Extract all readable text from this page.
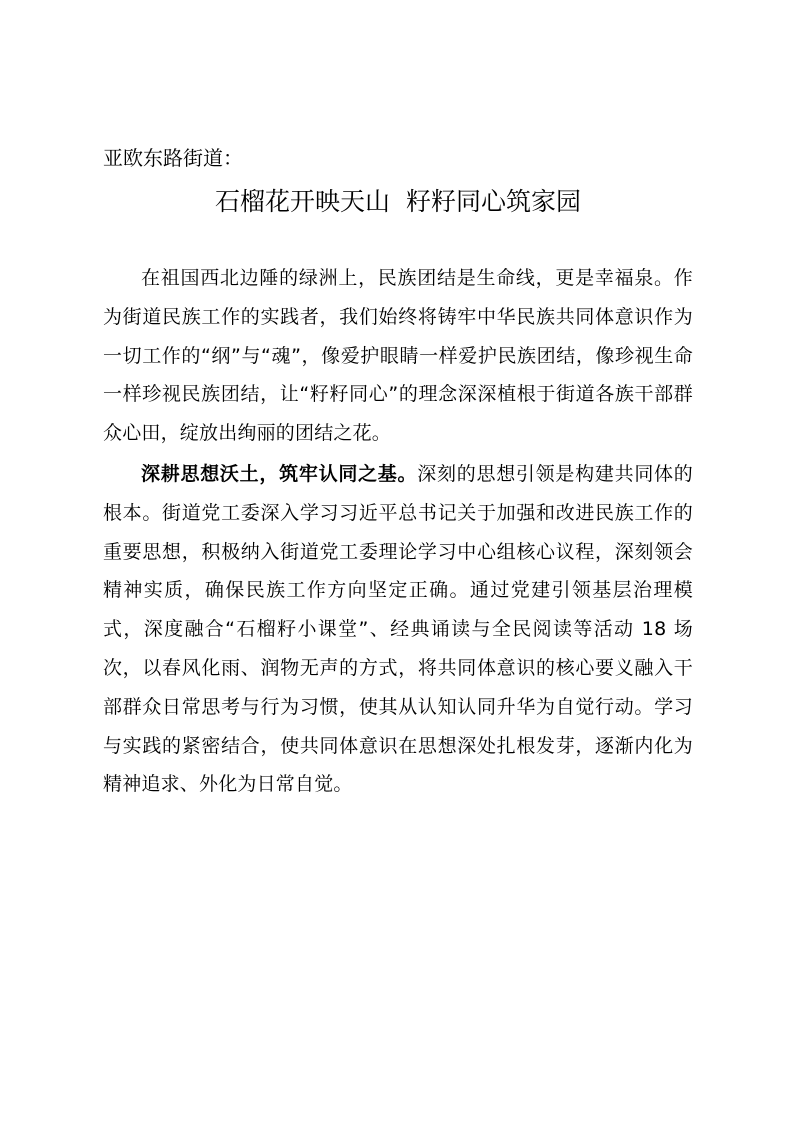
亚欧东路街道：

石榴花开映天山  籽籽同心筑家园

在祖国西北边陲的绿洲上，民族团结是生命线，更是幸福泉。作为街道民族工作的实践者，我们始终将铸牢中华民族共同体意识作为一切工作的“纲”与“魂”，像爱护眼睛一样爱护民族团结，像珍视生命一样珍视民族团结，让“籽籽同心”的理念深深植根于街道各族干部群众心田，绽放出绚丽的团结之花。

深耕思想沃土，筑牢认同之基。深刻的思想引领是构建共同体的根本。街道党工委深入学习习近平总书记关于加强和改进民族工作的重要思想，积极纳入街道党工委理论学习中心组核心议程，深刻领会精神实质，确保民族工作方向坚定正确。通过党建引领基层治理模式，深度融合“石榴籽小课堂”、经典诵读与全民阅读等活动 18 场次，以春风化雨、润物无声的方式，将共同体意识的核心要义融入干部群众日常思考与行为习惯，使其从认知认同升华为自觉行动。学习与实践的紧密结合，使共同体意识在思想深处扎根发芽，逐渐内化为精神追求、外化为日常自觉。
